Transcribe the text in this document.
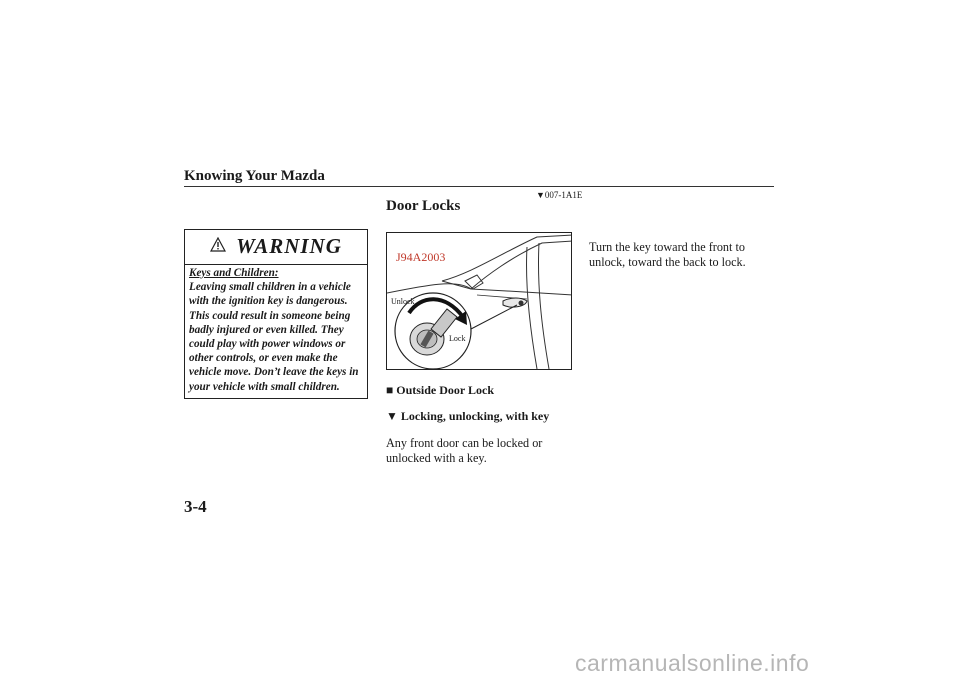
Knowing Your Mazda
▼007-1A1E
Door Locks
WARNING
Keys and Children:
Leaving small children in a vehicle with the ignition key is dangerous. This could result in someone being badly injured or even killed. They could play with power windows or other controls, or even make the vehicle move. Don’t leave the keys in your vehicle with small children.
J94A2003
Unlock
Lock
■ Outside Door Lock
▼ Locking, unlocking, with key
Any front door can be locked or unlocked with a key.
Turn the key toward the front to unlock, toward the back to lock.
3-4
carmanualsonline.info
